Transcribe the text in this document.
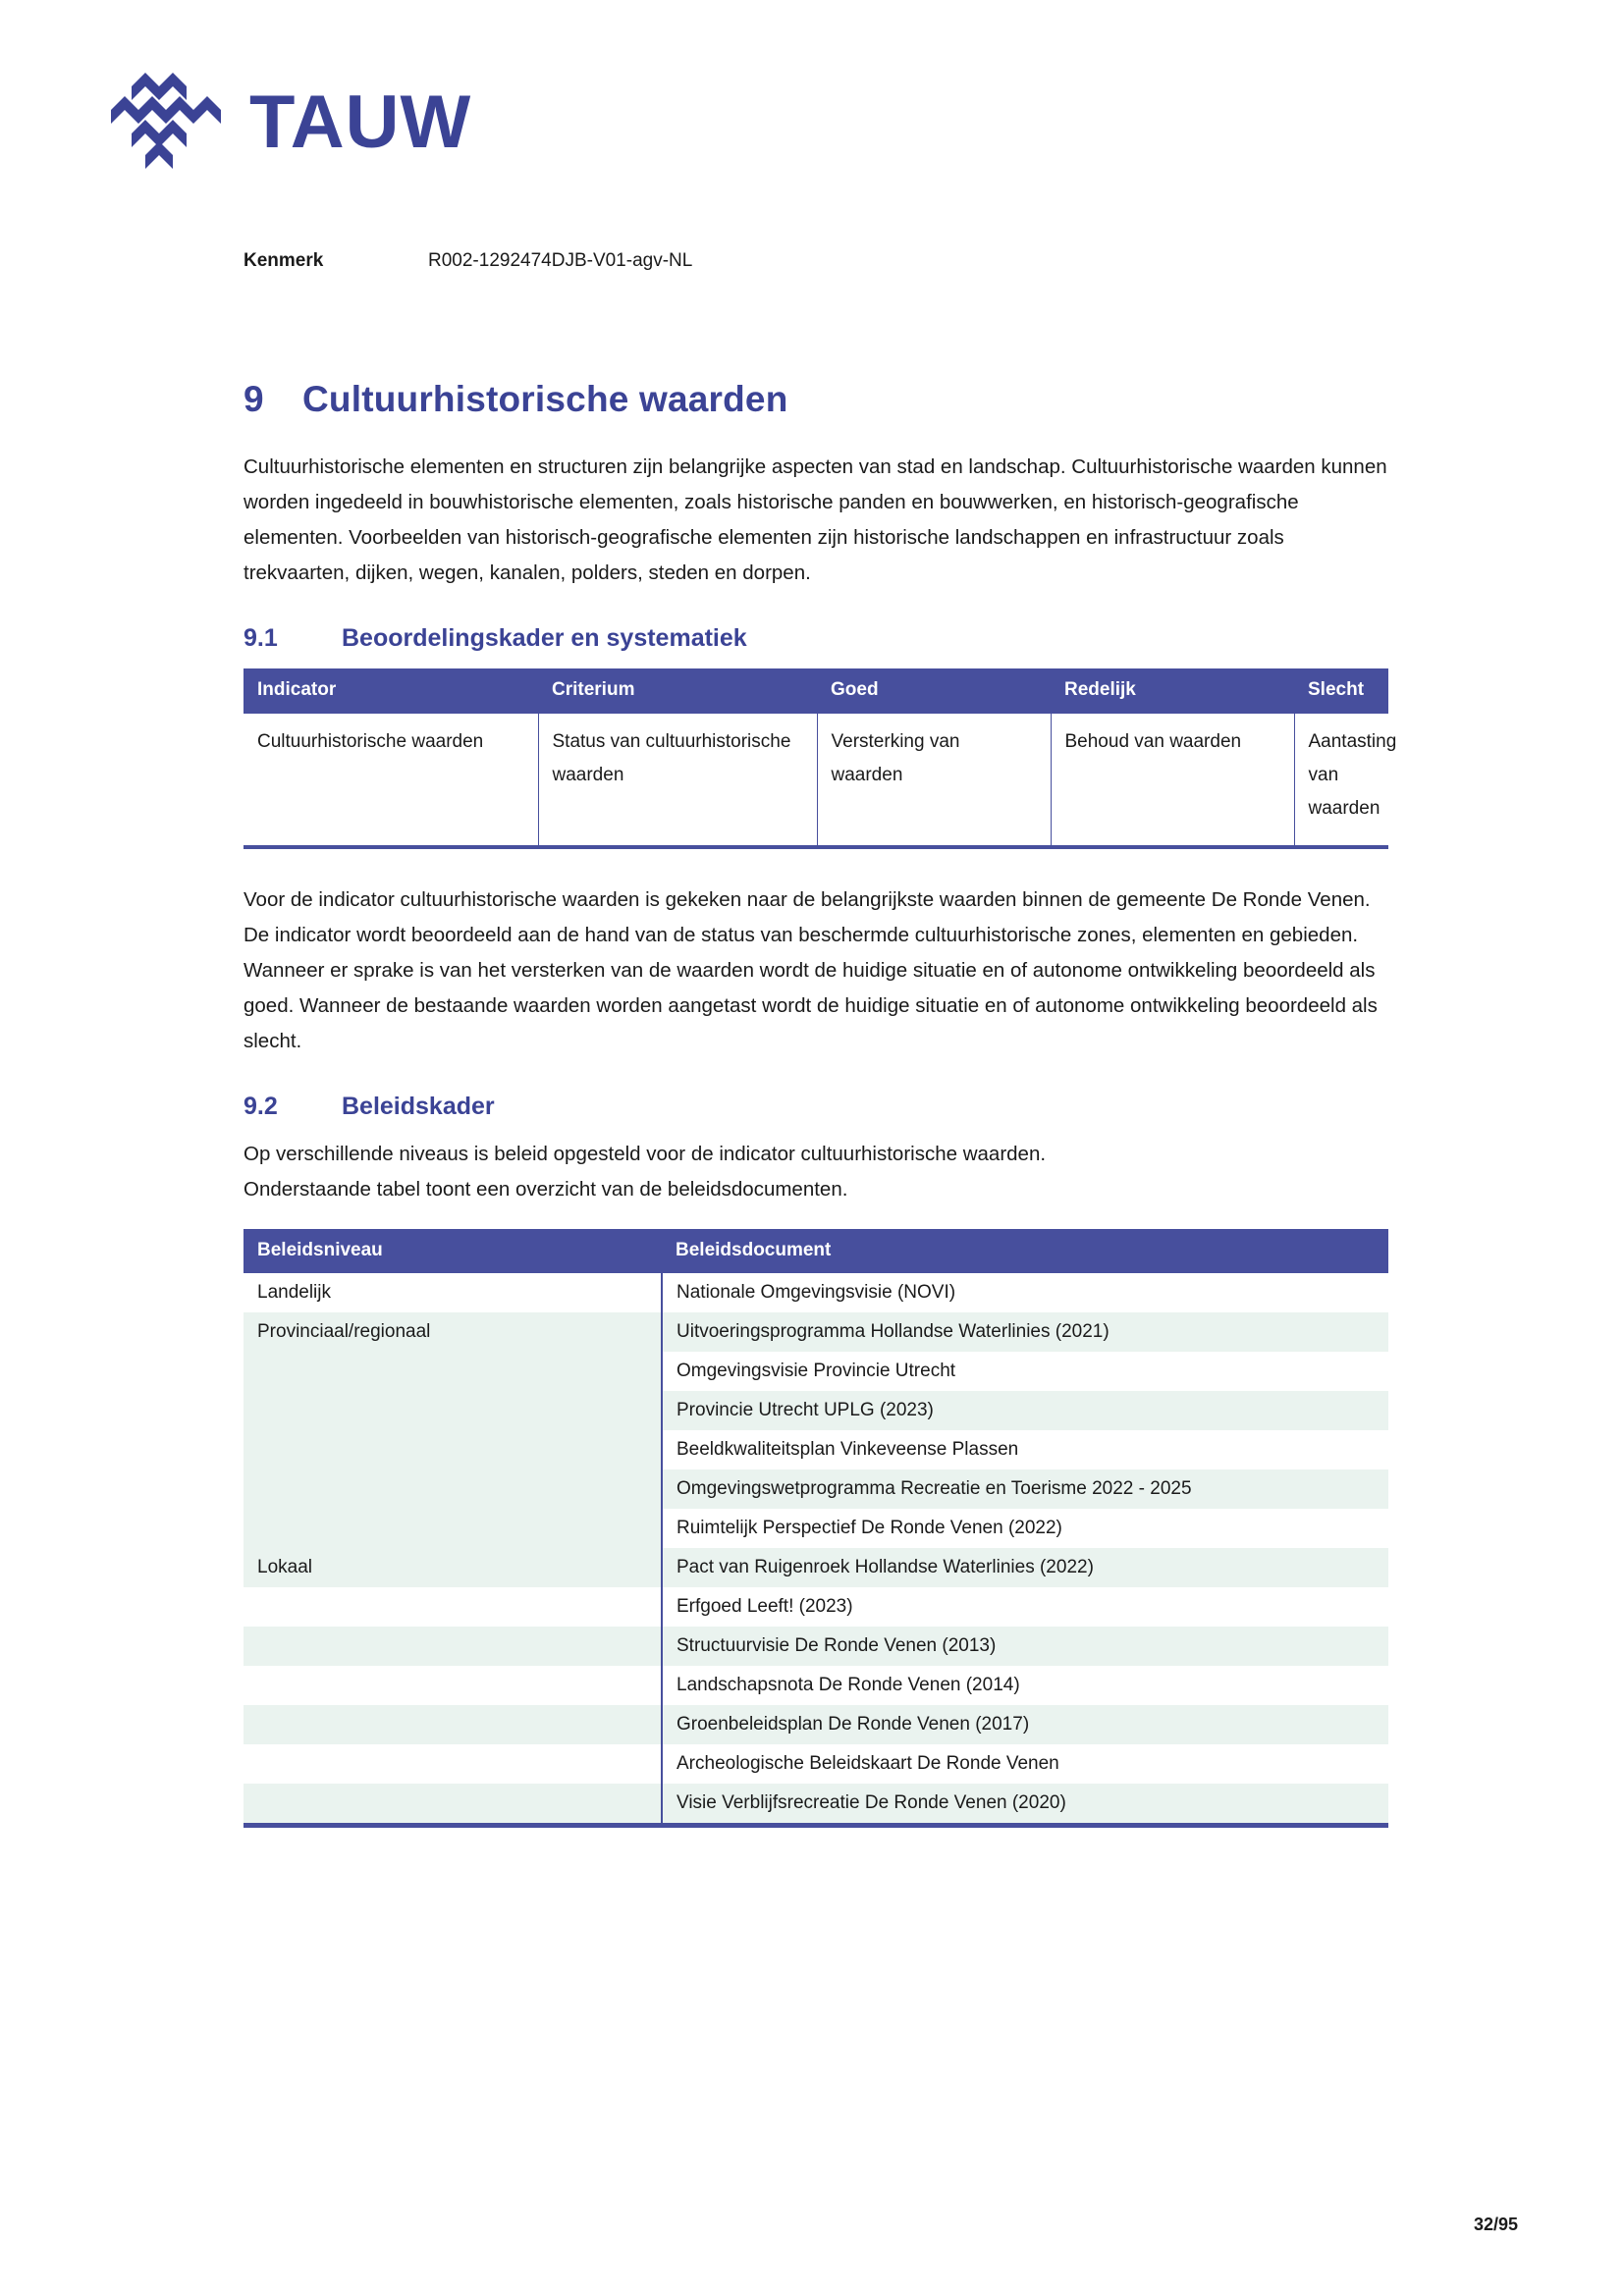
TAUW
Kenmerk	R002-1292474DJB-V01-agv-NL
9	Cultuurhistorische waarden

Cultuurhistorische elementen en structuren zijn belangrijke aspecten van stad en landschap. Cultuurhistorische waarden kunnen worden ingedeeld in bouwhistorische elementen, zoals historische panden en bouwwerken, en historisch-geografische elementen. Voorbeelden van historisch-geografische elementen zijn historische landschappen en infrastructuur zoals trekvaarten, dijken, wegen, kanalen, polders, steden en dorpen.

9.1	Beoordelingskader en systematiek
Indicator	Criterium	Goed	Redelijk	Slecht
Cultuurhistorische waarden	Status van cultuurhistorische waarden	Versterking van waarden	Behoud van waarden	Aantasting van waarden

Voor de indicator cultuurhistorische waarden is gekeken naar de belangrijkste waarden binnen de gemeente De Ronde Venen. De indicator wordt beoordeeld aan de hand van de status van beschermde cultuurhistorische zones, elementen en gebieden. Wanneer er sprake is van het versterken van de waarden wordt de huidige situatie en of autonome ontwikkeling beoordeeld als goed. Wanneer de bestaande waarden worden aangetast wordt de huidige situatie en of autonome ontwikkeling beoordeeld als slecht.

9.2	Beleidskader

Op verschillende niveaus is beleid opgesteld voor de indicator cultuurhistorische waarden.

Onderstaande tabel toont een overzicht van de beleidsdocumenten.

Beleidsniveau	Beleidsdocument
Landelijk	Nationale Omgevingsvisie (NOVI)
Provinciaal/regionaal	Uitvoeringsprogramma Hollandse Waterlinies (2021)
	Omgevingsvisie Provincie Utrecht
	Provincie Utrecht UPLG (2023)
	Beeldkwaliteitsplan Vinkeveense Plassen
	Omgevingswetprogramma Recreatie en Toerisme 2022 - 2025
	Ruimtelijk Perspectief De Ronde Venen (2022)
Lokaal	Pact van Ruigenroek Hollandse Waterlinies (2022)
	Erfgoed Leeft! (2023)
	Structuurvisie De Ronde Venen (2013)
	Landschapsnota De Ronde Venen (2014)
	Groenbeleidsplan De Ronde Venen (2017)
	Archeologische Beleidskaart De Ronde Venen
	Visie Verblijfsrecreatie De Ronde Venen (2020)

32/95
